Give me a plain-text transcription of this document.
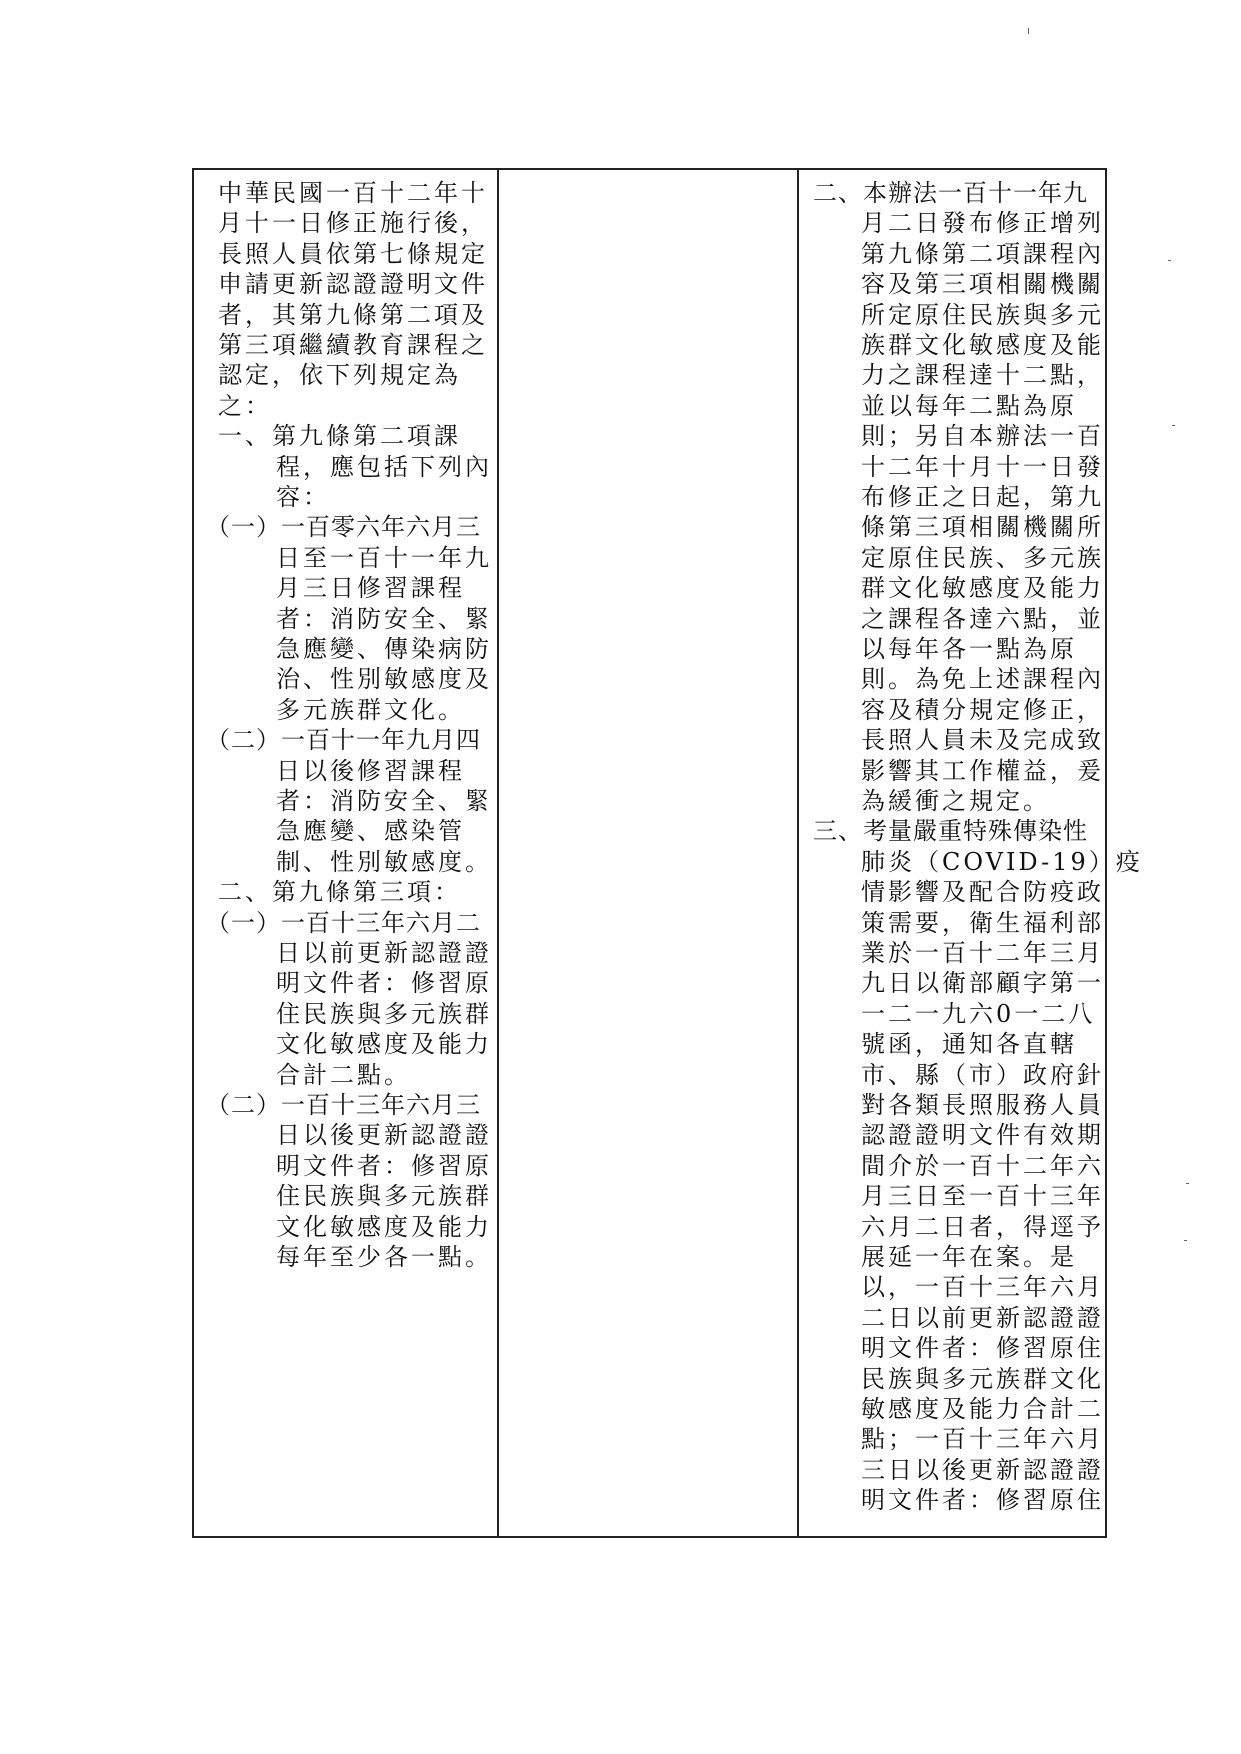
中華民國一百十二年十
月十一日修正施行後，
長照人員依第七條規定
申請更新認證證明文件
者，其第九條第二項及
第三項繼續教育課程之
認定，依下列規定為
之：
一、第九條第二項課
程，應包括下列內
容：
（一）一百零六年六月三
日至一百十一年九
月三日修習課程
者：消防安全、緊
急應變、傳染病防
治、性別敏感度及
多元族群文化。
（二）一百十一年九月四
日以後修習課程
者：消防安全、緊
急應變、感染管
制、性別敏感度。
二、第九條第三項：
（一）一百十三年六月二
日以前更新認證證
明文件者：修習原
住民族與多元族群
文化敏感度及能力
合計二點。
（二）一百十三年六月三
日以後更新認證證
明文件者：修習原
住民族與多元族群
文化敏感度及能力
每年至少各一點。
二、本辦法一百十一年九
月二日發布修正增列
第九條第二項課程內
容及第三項相關機關
所定原住民族與多元
族群文化敏感度及能
力之課程達十二點，
並以每年二點為原
則；另自本辦法一百
十二年十月十一日發
布修正之日起，第九
條第三項相關機關所
定原住民族、多元族
群文化敏感度及能力
之課程各達六點，並
以每年各一點為原
則。為免上述課程內
容及積分規定修正，
長照人員未及完成致
影響其工作權益，爰
為緩衝之規定。
三、考量嚴重特殊傳染性
肺炎（COVID-19）疫
情影響及配合防疫政
策需要，衛生福利部
業於一百十二年三月
九日以衛部顧字第一
一二一九六0一二八
號函，通知各直轄
市、縣（市）政府針
對各類長照服務人員
認證證明文件有效期
間介於一百十二年六
月三日至一百十三年
六月二日者，得逕予
展延一年在案。是
以，一百十三年六月
二日以前更新認證證
明文件者：修習原住
民族與多元族群文化
敏感度及能力合計二
點；一百十三年六月
三日以後更新認證證
明文件者：修習原住
